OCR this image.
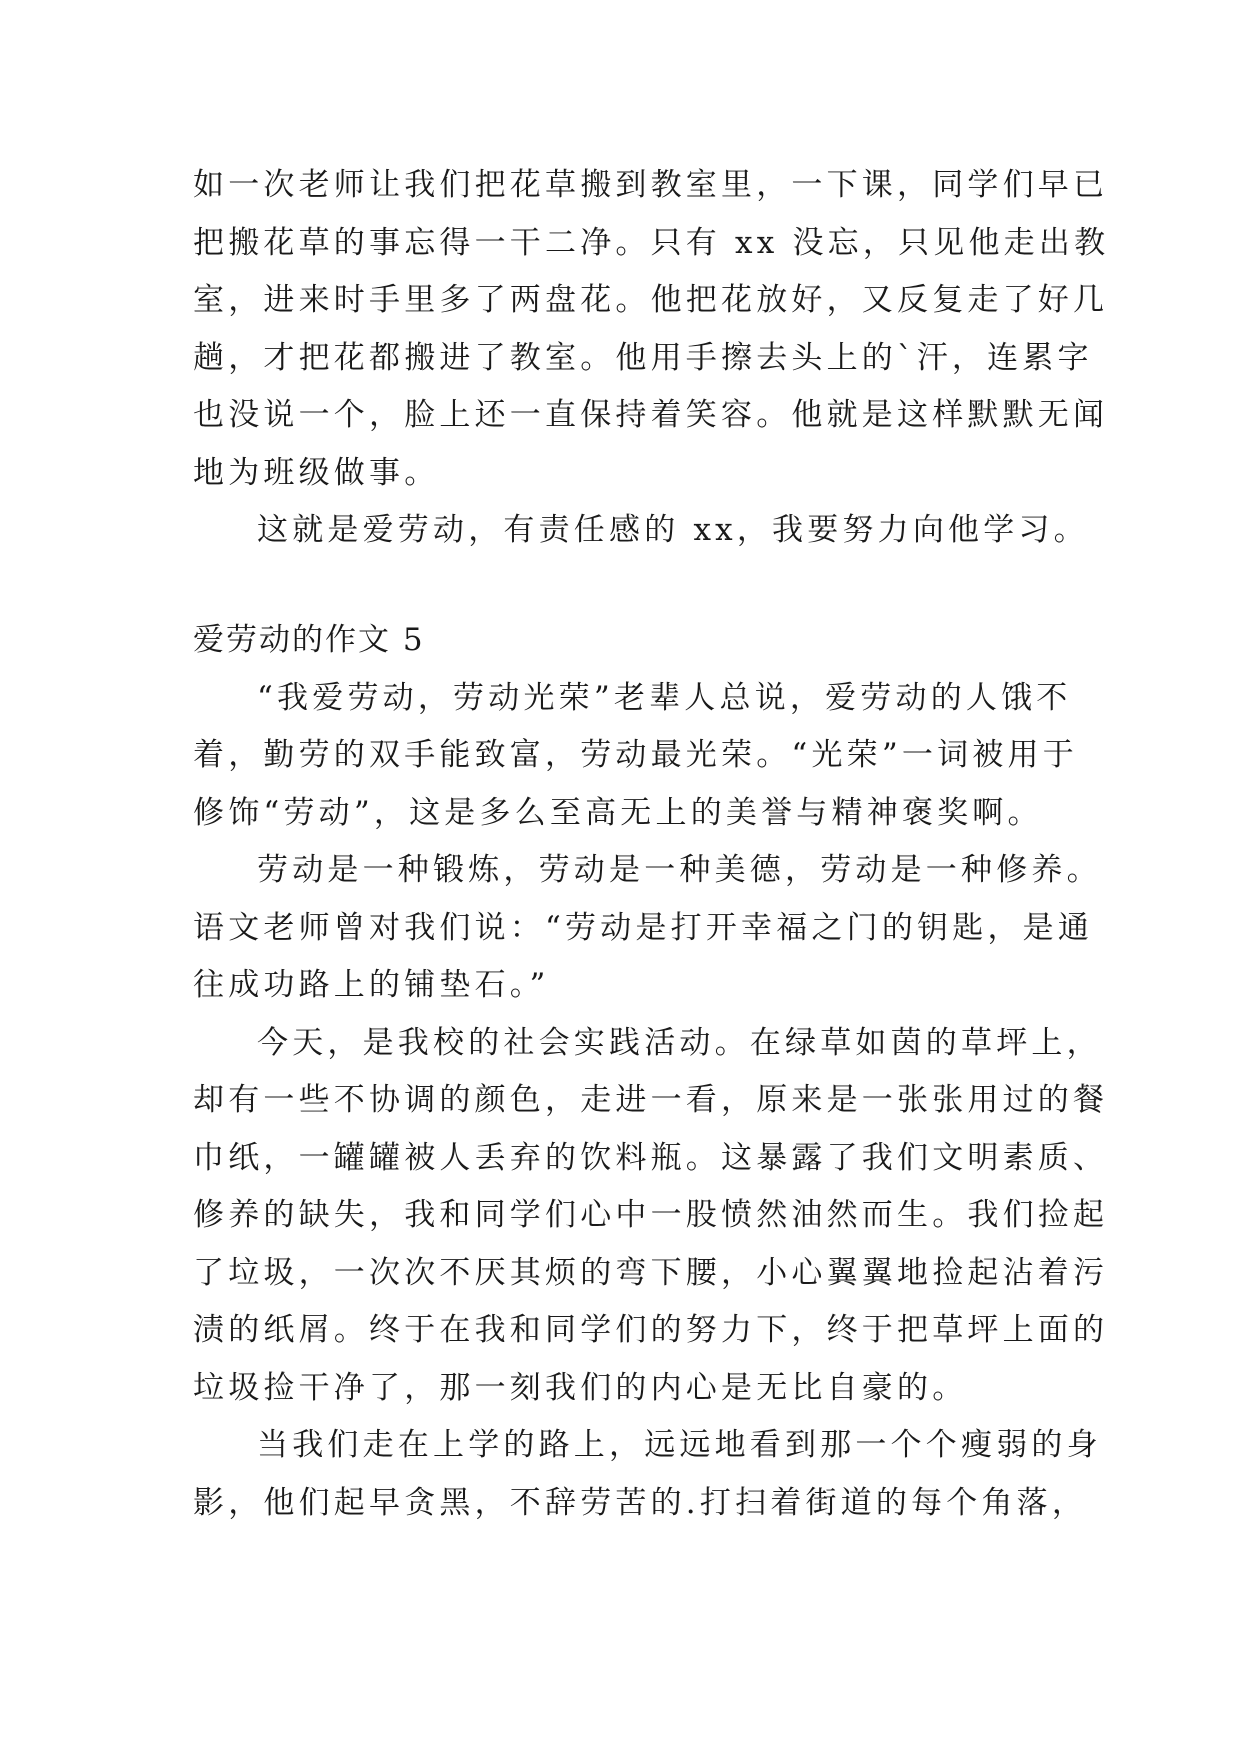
如一次老师让我们把花草搬到教室里，一下课，同学们早已
把搬花草的事忘得一干二净。只有 xx 没忘，只见他走出教
室，进来时手里多了两盘花。他把花放好，又反复走了好几
趟，才把花都搬进了教室。他用手擦去头上的`汗，连累字
也没说一个，脸上还一直保持着笑容。他就是这样默默无闻
地为班级做事。
这就是爱劳动，有责任感的 xx，我要努力向他学习。
爱劳动的作文 5
“我爱劳动，劳动光荣”老辈人总说，爱劳动的人饿不
着，勤劳的双手能致富，劳动最光荣。“光荣”一词被用于
修饰“劳动”，这是多么至高无上的美誉与精神褒奖啊。
劳动是一种锻炼，劳动是一种美德，劳动是一种修养。
语文老师曾对我们说：“劳动是打开幸福之门的钥匙，是通
往成功路上的铺垫石。”
今天，是我校的社会实践活动。在绿草如茵的草坪上，
却有一些不协调的颜色，走进一看，原来是一张张用过的餐
巾纸，一罐罐被人丢弃的饮料瓶。这暴露了我们文明素质、
修养的缺失，我和同学们心中一股愤然油然而生。我们捡起
了垃圾，一次次不厌其烦的弯下腰，小心翼翼地捡起沾着污
渍的纸屑。终于在我和同学们的努力下，终于把草坪上面的
垃圾捡干净了，那一刻我们的内心是无比自豪的。
当我们走在上学的路上，远远地看到那一个个瘦弱的身
影，他们起早贪黑，不辞劳苦的.打扫着街道的每个角落，
